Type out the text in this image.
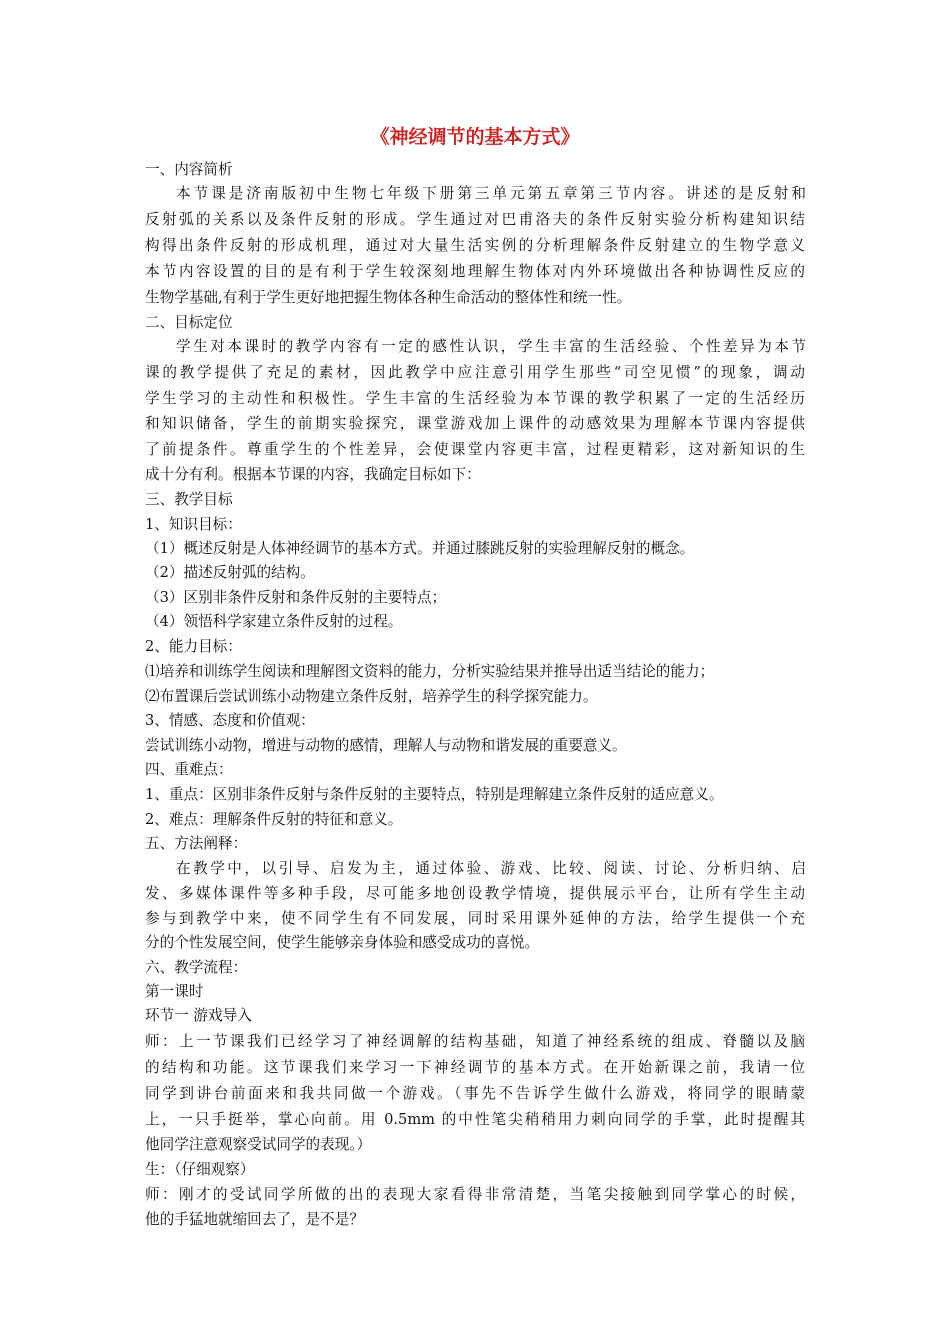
《神经调节的基本方式》
一、内容简析
本节课是济南版初中生物七年级下册第三单元第五章第三节内容。讲述的是反射和
反射弧的关系以及条件反射的形成。学生通过对巴甫洛夫的条件反射实验分析构建知识结
构得出条件反射的形成机理，通过对大量生活实例的分析理解条件反射建立的生物学意义
本节内容设置的目的是有利于学生较深刻地理解生物体对内外环境做出各种协调性反应的
生物学基础,有利于学生更好地把握生物体各种生命活动的整体性和统一性。
二、目标定位
学生对本课时的教学内容有一定的感性认识，学生丰富的生活经验、个性差异为本节
课的教学提供了充足的素材，因此教学中应注意引用学生那些“司空见惯”的现象，调动
学生学习的主动性和积极性。学生丰富的生活经验为本节课的教学积累了一定的生活经历
和知识储备，学生的前期实验探究，课堂游戏加上课件的动感效果为理解本节课内容提供
了前提条件。尊重学生的个性差异，会使课堂内容更丰富，过程更精彩，这对新知识的生
成十分有利。根据本节课的内容，我确定目标如下：
三、教学目标
1、知识目标：
（1）概述反射是人体神经调节的基本方式。并通过膝跳反射的实验理解反射的概念。
（2）描述反射弧的结构。
（3）区别非条件反射和条件反射的主要特点；
（4）领悟科学家建立条件反射的过程。
2、能力目标：
⑴培养和训练学生阅读和理解图文资料的能力，分析实验结果并推导出适当结论的能力；
⑵布置课后尝试训练小动物建立条件反射，培养学生的科学探究能力。
3、情感、态度和价值观：
尝试训练小动物，增进与动物的感情，理解人与动物和谐发展的重要意义。
四、重难点：
1、重点：区别非条件反射与条件反射的主要特点，特别是理解建立条件反射的适应意义。
2、难点：理解条件反射的特征和意义。
五、方法阐释：
在教学中，以引导、启发为主，通过体验、游戏、比较、阅读、讨论、分析归纳、启
发、多媒体课件等多种手段，尽可能多地创设教学情境，提供展示平台，让所有学生主动
参与到教学中来，使不同学生有不同发展，同时采用课外延伸的方法，给学生提供一个充
分的个性发展空间，使学生能够亲身体验和感受成功的喜悦。
六、教学流程：
第一课时
环节一 游戏导入
师：上一节课我们已经学习了神经调解的结构基础，知道了神经系统的组成、脊髓以及脑
的结构和功能。这节课我们来学习一下神经调节的基本方式。在开始新课之前，我请一位
同学到讲台前面来和我共同做一个游戏。（事先不告诉学生做什么游戏，将同学的眼睛蒙
上，一只手挺举，掌心向前。用 0.5mm 的中性笔尖稍稍用力刺向同学的手掌，此时提醒其
他同学注意观察受试同学的表现。）
生：（仔细观察）
师：刚才的受试同学所做的出的表现大家看得非常清楚，当笔尖接触到同学掌心的时候，
他的手猛地就缩回去了，是不是？
